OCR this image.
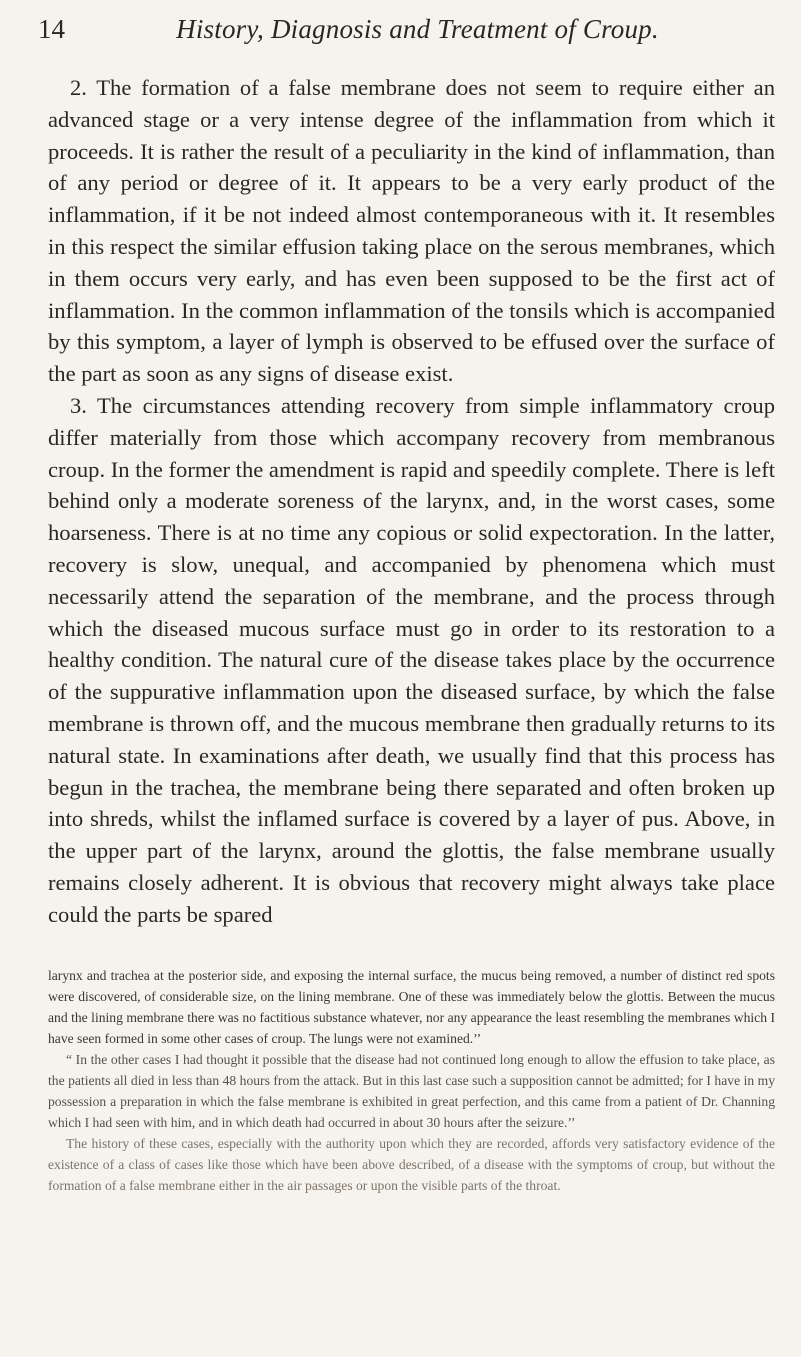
14	History, Diagnosis and Treatment of Croup.

2. The formation of a false membrane does not seem to require either an advanced stage or a very intense degree of the inflammation from which it proceeds. It is rather the result of a peculiarity in the kind of inflammation, than of any period or degree of it. It appears to be a very early product of the inflammation, if it be not indeed almost contemporaneous with it. It resembles in this respect the similar effusion taking place on the serous membranes, which in them occurs very early, and has even been supposed to be the first act of inflammation. In the common inflammation of the tonsils which is accompanied by this symptom, a layer of lymph is observed to be effused over the surface of the part as soon as any signs of disease exist.

3. The circumstances attending recovery from simple inflammatory croup differ materially from those which accompany recovery from membranous croup. In the former the amendment is rapid and speedily complete. There is left behind only a moderate soreness of the larynx, and, in the worst cases, some hoarseness. There is at no time any copious or solid expectoration. In the latter, recovery is slow, unequal, and accompanied by phenomena which must necessarily attend the separation of the membrane, and the process through which the diseased mucous surface must go in order to its restoration to a healthy condition. The natural cure of the disease takes place by the occurrence of the suppurative inflammation upon the diseased surface, by which the false membrane is thrown off, and the mucous membrane then gradually returns to its natural state. In examinations after death, we usually find that this process has begun in the trachea, the membrane being there separated and often broken up into shreds, whilst the inflamed surface is covered by a layer of pus. Above, in the upper part of the larynx, around the glottis, the false membrane usually remains closely adherent. It is obvious that recovery might always take place could the parts be spared

larynx and trachea at the posterior side, and exposing the internal surface, the mucus being removed, a number of distinct red spots were discovered, of considerable size, on the lining membrane. One of these was immediately below the glottis. Between the mucus and the lining membrane there was no factitious substance whatever, nor any appearance the least resembling the membranes which I have seen formed in some other cases of croup. The lungs were not examined.’’

“ In the other cases I had thought it possible that the disease had not continued long enough to allow the effusion to take place, as the patients all died in less than 48 hours from the attack. But in this last case such a supposition cannot be admitted; for I have in my possession a preparation in which the false membrane is exhibited in great perfection, and this came from a patient of Dr. Channing which I had seen with him, and in which death had occurred in about 30 hours after the seizure.’’

The history of these cases, especially with the authority upon which they are recorded, affords very satisfactory evidence of the existence of a class of cases like those which have been above described, of a disease with the symptoms of croup, but without the formation of a false membrane either in the air passages or upon the visible parts of the throat.
